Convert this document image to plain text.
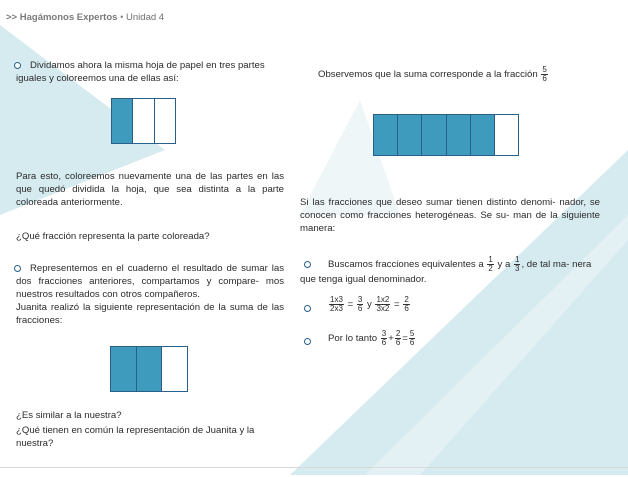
>> Hagámonos Expertos • Unidad 4
Dividamos ahora la misma hoja de papel en tres partes iguales y coloreemos una de ellas así:
Para esto, coloreemos nuevamente una de las partes en las que quedó dividida la hoja, que sea distinta a la parte coloreada anteriormente.
¿Qué fracción representa la parte coloreada?
Representemos en el cuaderno el resultado de sumar las dos fracciones anteriores, compartamos y compare- mos nuestros resultados con otros compañeros.
Juanita realizó la siguiente representación de la suma de las fracciones:
¿Es similar a la nuestra?
¿Qué tienen en común la representación de Juanita y la nuestra?
Observemos que la suma corresponde a la fracción $\frac{5}{6}$
Si las fracciones que deseo sumar tienen distinto denomi- nador, se conocen como fracciones heterogéneas. Se su- man de la siguiente manera:
Buscamos fracciones equivalentes a $\frac{1}{2}$ y a $\frac{1}{3}$ , de tal ma- nera que tenga igual denominador.
$\frac{1x3}{2x3} = \frac{3}{6}$ y $\frac{1x2}{3x2} = \frac{2}{6}$
Por lo tanto $\frac{3}{6} + \frac{2}{6} = \frac{5}{6}$
